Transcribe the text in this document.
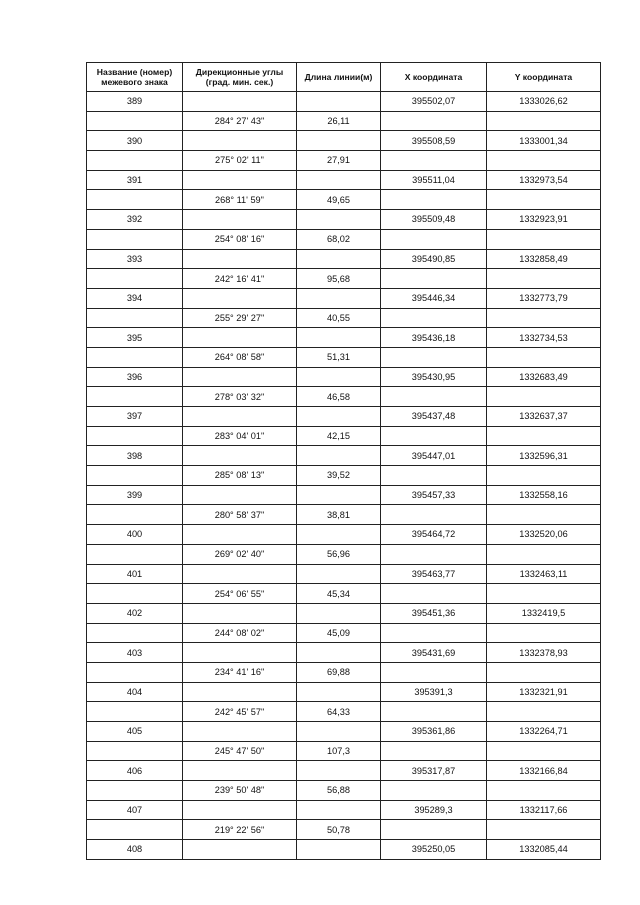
Название (номер)
межевого знака	Дирекционные углы
(град. мин. сек.)	Длина линии(м)	X координата	Y координата
389			395502,07	1333026,62
	284° 27' 43"	26,11		
390			395508,59	1333001,34
	275° 02' 11"	27,91		
391			395511,04	1332973,54
	268° 11' 59"	49,65		
392			395509,48	1332923,91
	254° 08' 16"	68,02		
393			395490,85	1332858,49
	242° 16' 41"	95,68		
394			395446,34	1332773,79
	255° 29' 27"	40,55		
395			395436,18	1332734,53
	264° 08' 58"	51,31		
396			395430,95	1332683,49
	278° 03' 32"	46,58		
397			395437,48	1332637,37
	283° 04' 01"	42,15		
398			395447,01	1332596,31
	285° 08' 13"	39,52		
399			395457,33	1332558,16
	280° 58' 37"	38,81		
400			395464,72	1332520,06
	269° 02' 40"	56,96		
401			395463,77	1332463,11
	254° 06' 55"	45,34		
402			395451,36	1332419,5
	244° 08' 02"	45,09		
403			395431,69	1332378,93
	234° 41' 16"	69,88		
404			395391,3	1332321,91
	242° 45' 57"	64,33		
405			395361,86	1332264,71
	245° 47' 50"	107,3		
406			395317,87	1332166,84
	239° 50' 48"	56,88		
407			395289,3	1332117,66
	219° 22' 56"	50,78		
408			395250,05	1332085,44
